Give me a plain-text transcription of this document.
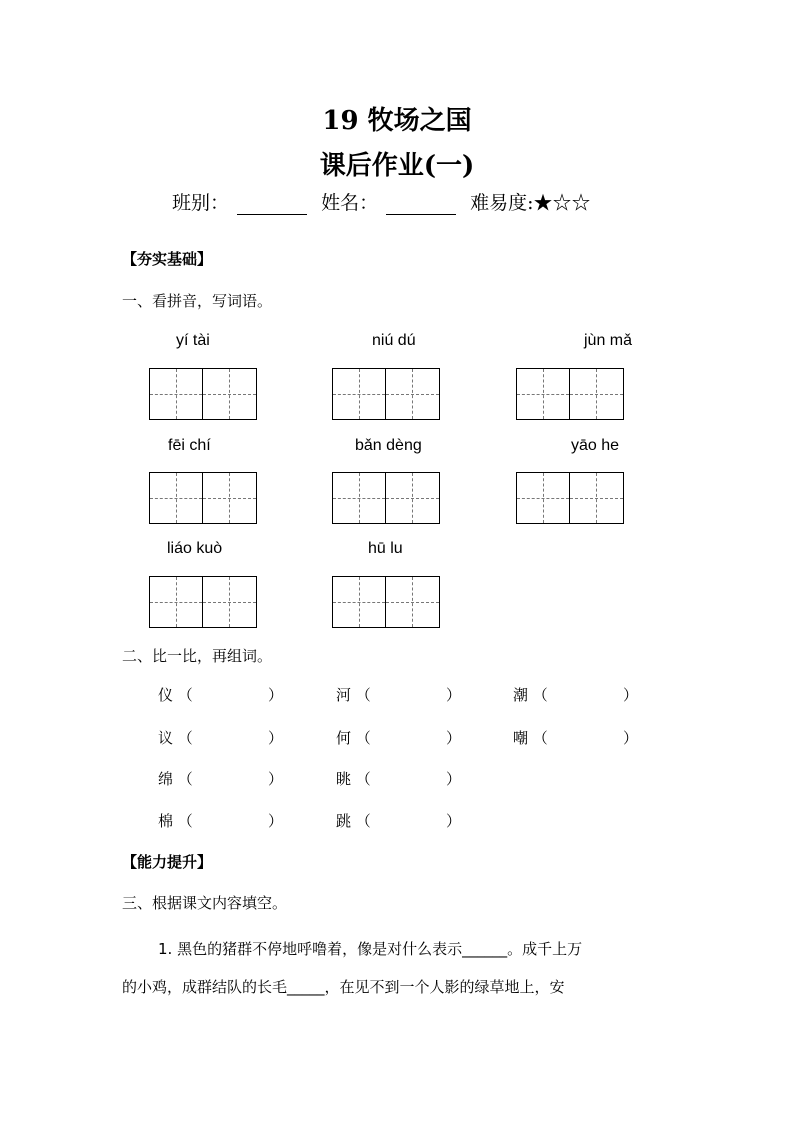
19 牧场之国
课后作业(一)
班别：	姓名：	难易度:★☆☆
【夯实基础】
一、看拼音，写词语。
yí tài	niú dú	jùn mǎ
fēi chí	bǎn dèng	yāo he
liáo kuò	hū lu
二、比一比，再组词。
仪 （	）	河 （	）	潮 （	）
议 （	）	何 （	）	嘲 （	）
绵 （	）	眺 （	）
棉 （	）	跳 （	）
【能力提升】
三、根据课文内容填空。
1. 黑色的猪群不停地呼噜着，像是对什么表示______。成千上万
的小鸡，成群结队的长毛_____，在见不到一个人影的绿草地上，安
